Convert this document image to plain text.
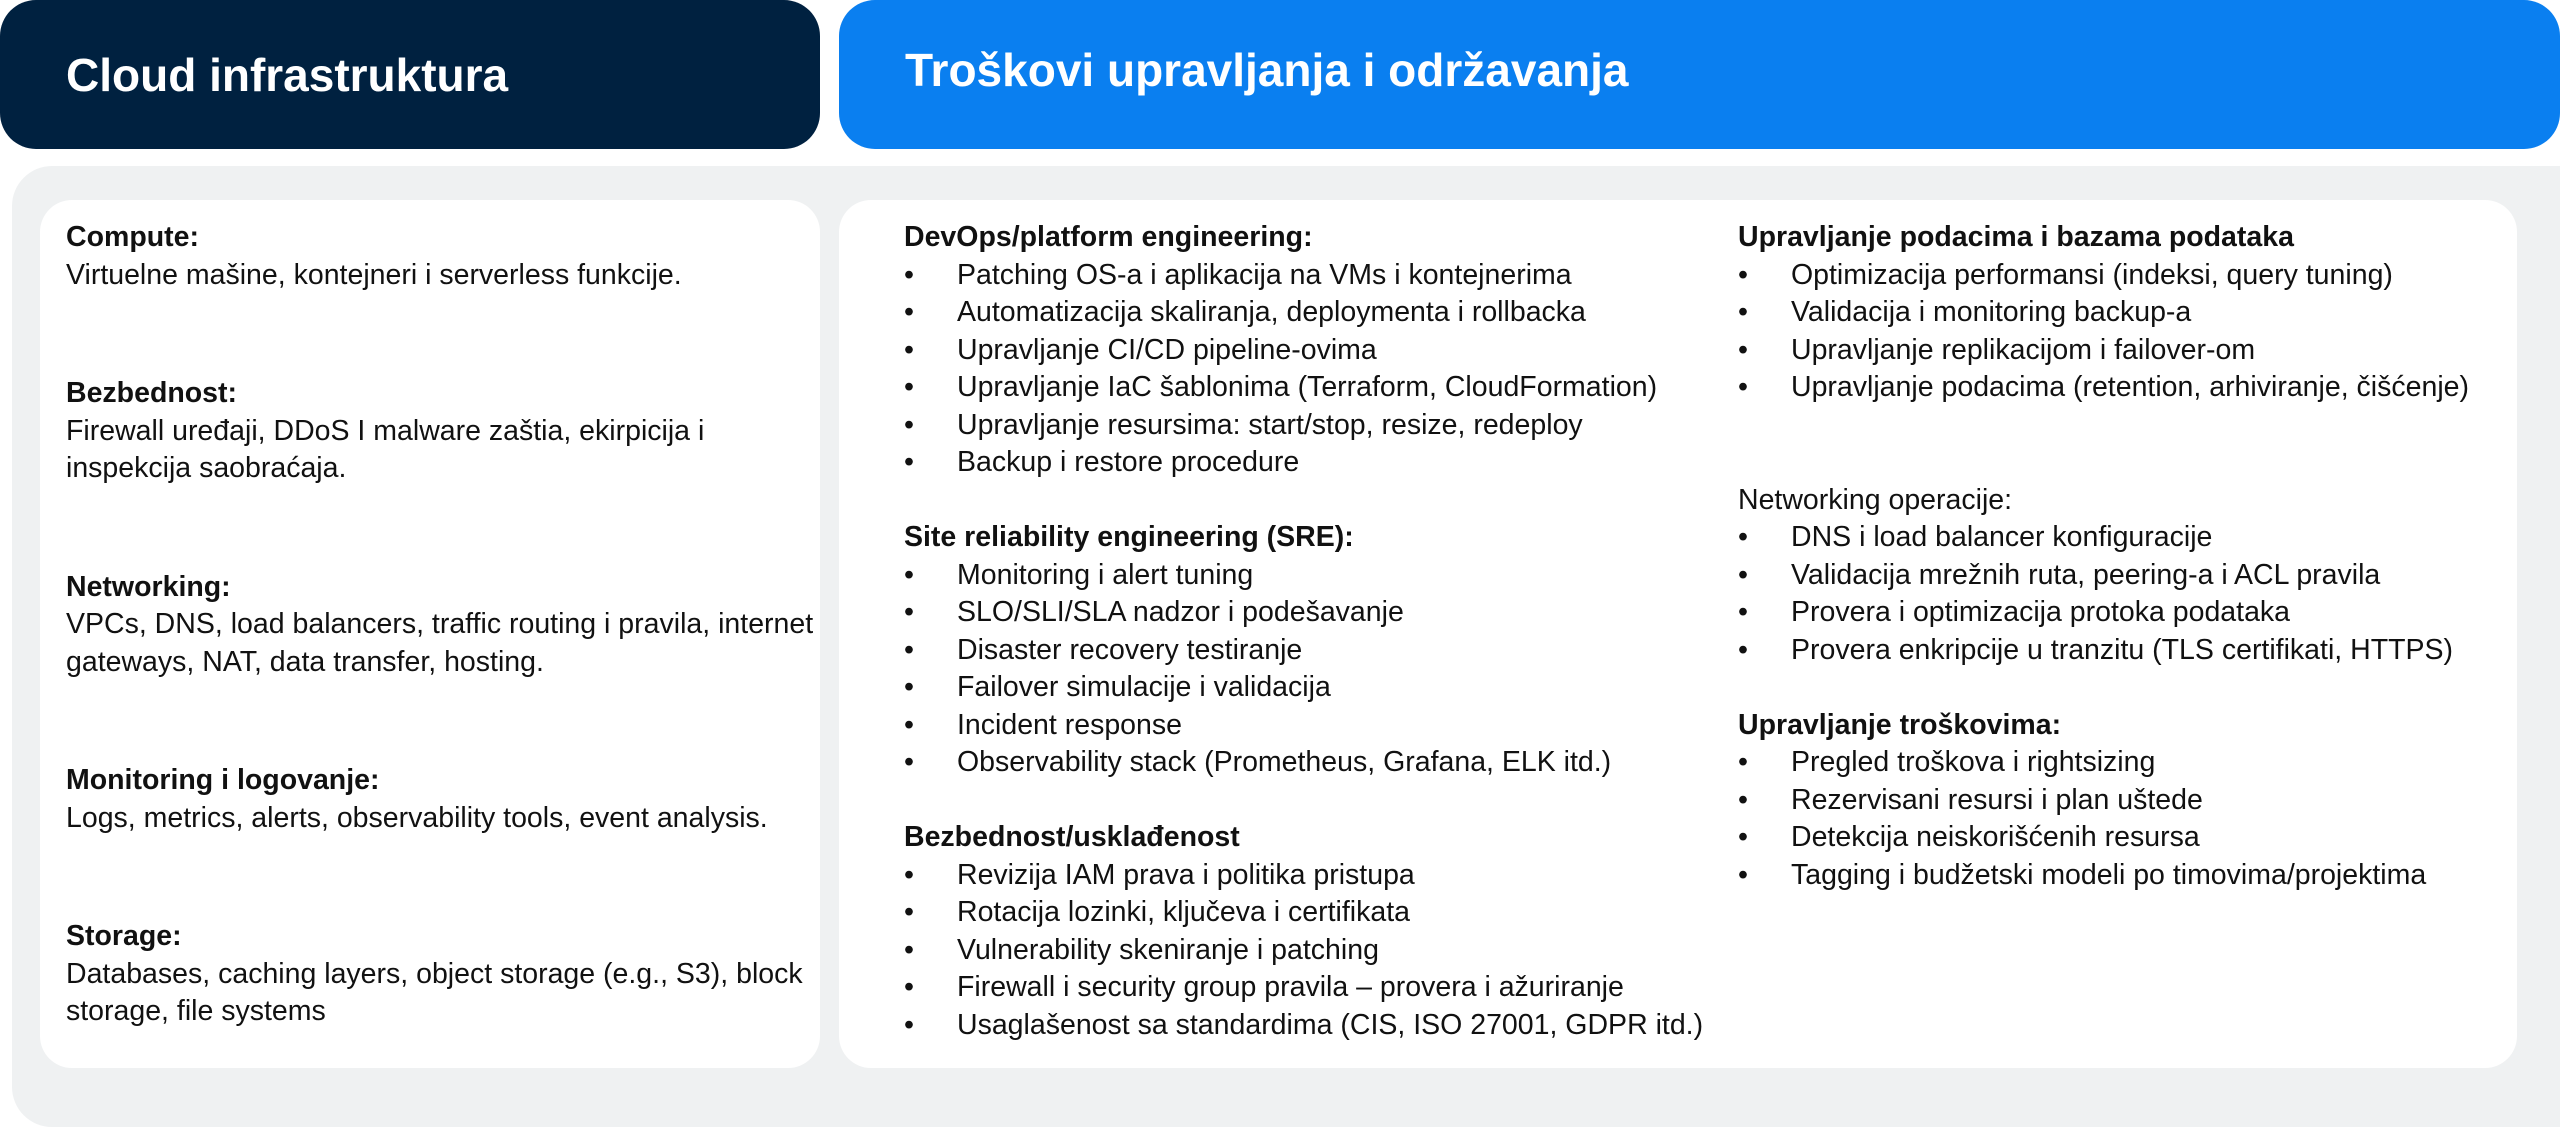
Cloud infrastruktura	Troškovi upravljanja i održavanja
Compute:
Virtuelne mašine, kontejneri i serverless funkcije.
Bezbednost:
Firewall uređaji, DDoS I malware zaštia, ekirpicija i inspekcija saobraćaja.
Networking:
VPCs, DNS, load balancers, traffic routing i pravila, internet gateways, NAT, data transfer, hosting.
Monitoring i logovanje:
Logs, metrics, alerts, observability tools, event analysis.
Storage:
Databases, caching layers, object storage (e.g., S3), block storage, file systems
DevOps/platform engineering:
• Patching OS-a i aplikacija na VMs i kontejnerima
• Automatizacija skaliranja, deploymenta i rollbacka
• Upravljanje CI/CD pipeline-ovima
• Upravljanje IaC šablonima (Terraform, CloudFormation)
• Upravljanje resursima: start/stop, resize, redeploy
• Backup i restore procedure
Site reliability engineering (SRE):
• Monitoring i alert tuning
• SLO/SLI/SLA nadzor i podešavanje
• Disaster recovery testiranje
• Failover simulacije i validacija
• Incident response
• Observability stack (Prometheus, Grafana, ELK itd.)
Bezbednost/usklađenost
• Revizija IAM prava i politika pristupa
• Rotacija lozinki, ključeva i certifikata
• Vulnerability skeniranje i patching
• Firewall i security group pravila – provera i ažuriranje
• Usaglašenost sa standardima (CIS, ISO 27001, GDPR itd.)
Upravljanje podacima i bazama podataka
• Optimizacija performansi (indeksi, query tuning)
• Validacija i monitoring backup-a
• Upravljanje replikacijom i failover-om
• Upravljanje podacima (retention, arhiviranje, čišćenje)
Networking operacije:
• DNS i load balancer konfiguracije
• Validacija mrežnih ruta, peering-a i ACL pravila
• Provera i optimizacija protoka podataka
• Provera enkripcije u tranzitu (TLS certifikati, HTTPS)
Upravljanje troškovima:
• Pregled troškova i rightsizing
• Rezervisani resursi i plan uštede
• Detekcija neiskorišćenih resursa
• Tagging i budžetski modeli po timovima/projektima
